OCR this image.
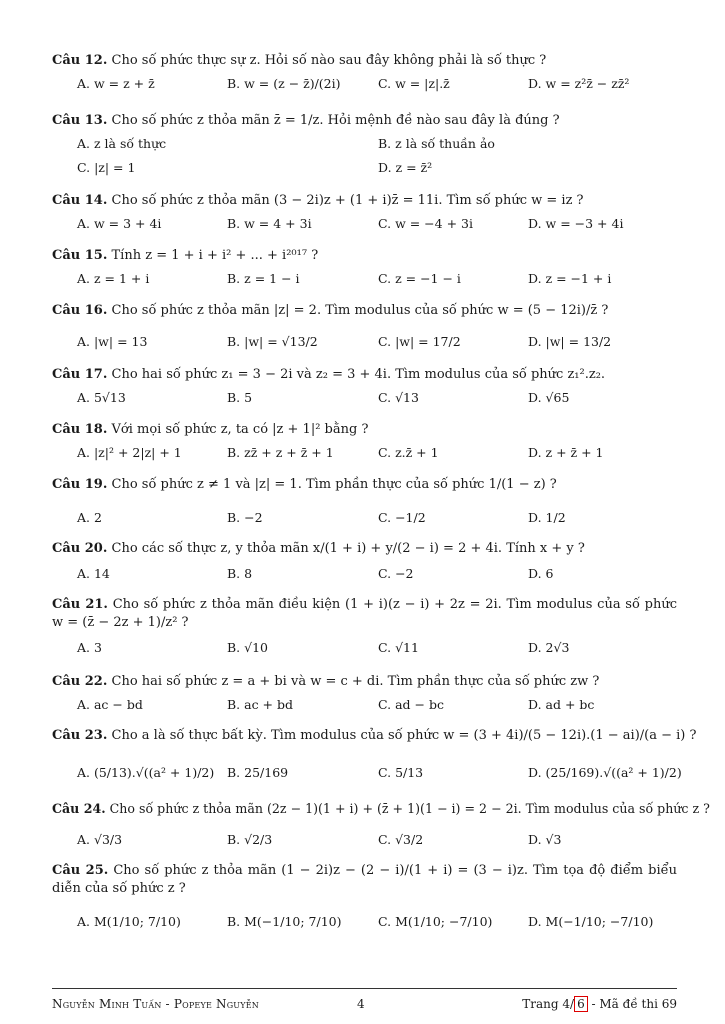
Câu 12. Cho số phức thực sự z. Hỏi số nào sau đây không phải là số thực ?
A. w = z + z̄	B. w = (z − z̄)/(2i)	C. w = |z|.z̄	D. w = z²z̄ − zz̄²
Câu 13. Cho số phức z thỏa mãn z̄ = 1/z. Hỏi mệnh đề nào sau đây là đúng ?
A. z là số thực	B. z là số thuần ảo
C. |z| = 1	D. z = z̄²
Câu 14. Cho số phức z thỏa mãn (3 − 2i)z + (1 + i)z̄ = 11i. Tìm số phức w = iz ?
A. w = 3 + 4i	B. w = 4 + 3i	C. w = −4 + 3i	D. w = −3 + 4i
Câu 15. Tính z = 1 + i + i² + ... + i²⁰¹⁷ ?
A. z = 1 + i	B. z = 1 − i	C. z = −1 − i	D. z = −1 + i
Câu 16. Cho số phức z thỏa mãn |z| = 2. Tìm modulus của số phức w = (5 − 12i)/z̄ ?
A. |w| = 13	B. |w| = √13/2	C. |w| = 17/2	D. |w| = 13/2
Câu 17. Cho hai số phức z₁ = 3 − 2i và z₂ = 3 + 4i. Tìm modulus của số phức z₁².z₂.
A. 5√13	B. 5	C. √13	D. √65
Câu 18. Với mọi số phức z, ta có |z + 1|² bằng ?
A. |z|² + 2|z| + 1	B. zz̄ + z + z̄ + 1	C. z.z̄ + 1	D. z + z̄ + 1
Câu 19. Cho số phức z ≠ 1 và |z| = 1. Tìm phần thực của số phức 1/(1 − z) ?
A. 2	B. −2	C. −1/2	D. 1/2
Câu 20. Cho các số thực z, y thỏa mãn x/(1 + i) + y/(2 − i) = 2 + 4i. Tính x + y ?
A. 14	B. 8	C. −2	D. 6
Câu 21. Cho số phức z thỏa mãn điều kiện (1 + i)(z − i) + 2z = 2i. Tìm modulus của số phức w = (z̄ − 2z + 1)/z² ?
A. 3	B. √10	C. √11	D. 2√3
Câu 22. Cho hai số phức z = a + bi và w = c + di. Tìm phần thực của số phức zw ?
A. ac − bd	B. ac + bd	C. ad − bc	D. ad + bc
Câu 23. Cho a là số thực bất kỳ. Tìm modulus của số phức w = (3 + 4i)/(5 − 12i).(1 − ai)/(a − i) ?
A. (5/13).√((a² + 1)/2) B. 25/169	C. 5/13	D. (25/169).√((a² + 1)/2)
Câu 24. Cho số phức z thỏa mãn (2z − 1)(1 + i) + (z̄ + 1)(1 − i) = 2 − 2i. Tìm modulus của số phức z ?
A. √3/3	B. √2/3	C. √3/2	D. √3
Câu 25. Cho số phức z thỏa mãn (1 − 2i)z − (2 − i)/(1 + i) = (3 − i)z. Tìm tọa độ điểm biểu diễn của số phức z ?
A. M(1/10; 7/10)	B. M(−1/10; 7/10)	C. M(1/10; −7/10)	D. M(−1/10; −7/10)
Nguyễn Minh Tuấn - Popeye Nguyễn	4	Trang 4/ 6 - Mã đề thi 69
